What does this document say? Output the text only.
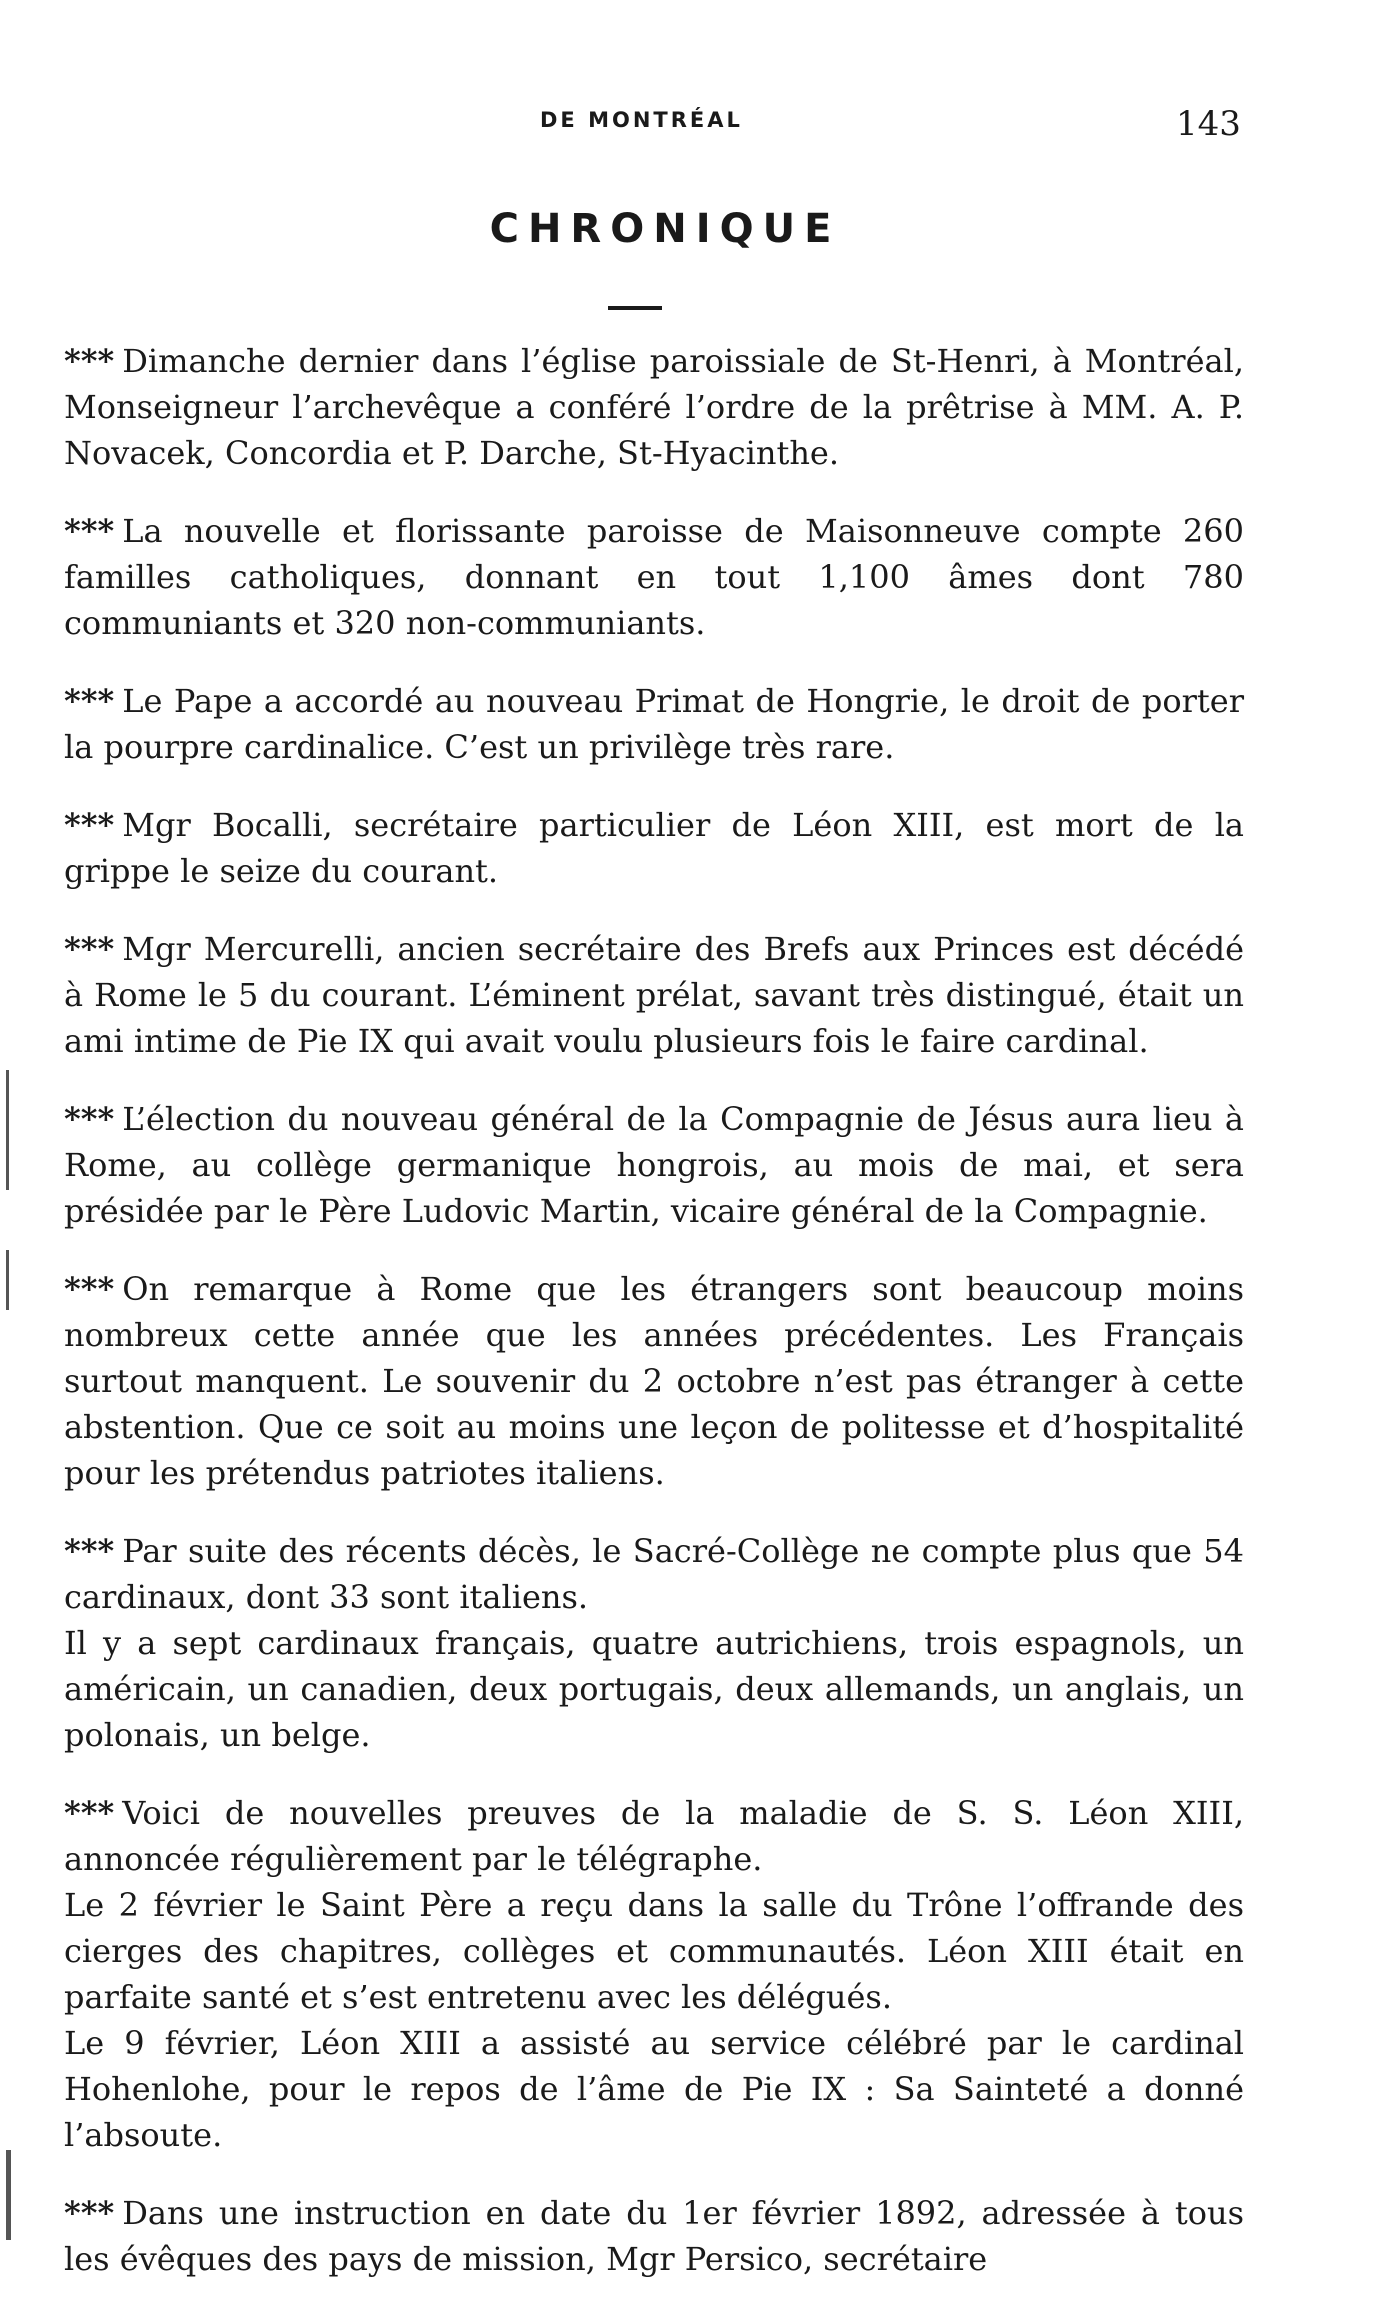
DE MONTRÉAL	143
CHRONIQUE

*** Dimanche dernier dans l’église paroissiale de St-Henri, à Montréal, Monseigneur l’archevêque a conféré l’ordre de la prêtrise à MM. A. P. Novacek, Concordia et P. Darche, St-Hyacinthe.

*** La nouvelle et florissante paroisse de Maisonneuve compte 260 familles catholiques, donnant en tout 1,100 âmes dont 780 communiants et 320 non-communiants.

*** Le Pape a accordé au nouveau Primat de Hongrie, le droit de porter la pourpre cardinalice. C’est un privilège très rare.

*** Mgr Bocalli, secrétaire particulier de Léon XIII, est mort de la grippe le seize du courant.

*** Mgr Mercurelli, ancien secrétaire des Brefs aux Princes est décédé à Rome le 5 du courant. L’éminent prélat, savant très distingué, était un ami intime de Pie IX qui avait voulu plusieurs fois le faire cardinal.

*** L’élection du nouveau général de la Compagnie de Jésus aura lieu à Rome, au collège germanique hongrois, au mois de mai, et sera présidée par le Père Ludovic Martin, vicaire général de la Compagnie.

*** On remarque à Rome que les étrangers sont beaucoup moins nombreux cette année que les années précédentes. Les Français surtout manquent. Le souvenir du 2 octobre n’est pas étranger à cette abstention. Que ce soit au moins une leçon de politesse et d’hospitalité pour les prétendus patriotes italiens.

*** Par suite des récents décès, le Sacré-Collège ne compte plus que 54 cardinaux, dont 33 sont italiens.

Il y a sept cardinaux français, quatre autrichiens, trois espagnols, un américain, un canadien, deux portugais, deux allemands, un anglais, un polonais, un belge.

*** Voici de nouvelles preuves de la maladie de S. S. Léon XIII, annoncée régulièrement par le télégraphe.

Le 2 février le Saint Père a reçu dans la salle du Trône l’offrande des cierges des chapitres, collèges et communautés. Léon XIII était en parfaite santé et s’est entretenu avec les délégués.

Le 9 février, Léon XIII a assisté au service célébré par le cardinal Hohenlohe, pour le repos de l’âme de Pie IX : Sa Sainteté a donné l’absoute.

*** Dans une instruction en date du 1er février 1892, adressée à tous les évêques des pays de mission, Mgr Persico, secrétaire
